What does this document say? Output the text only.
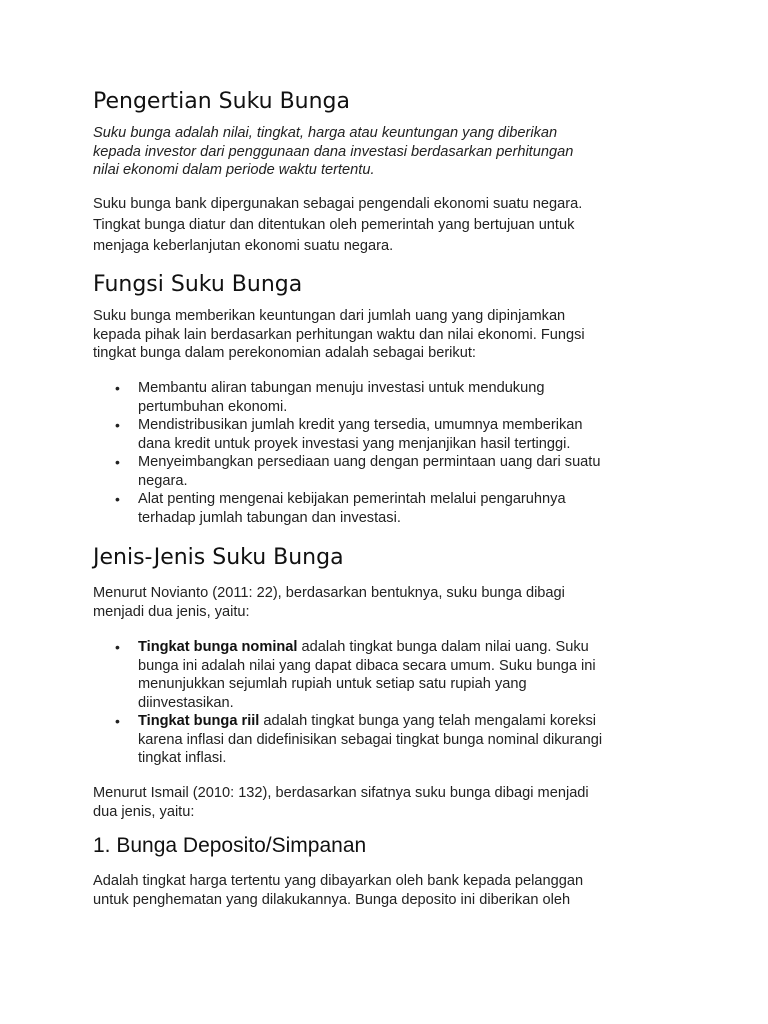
Pengertian Suku Bunga

Suku bunga adalah nilai, tingkat, harga atau keuntungan yang diberikan
kepada investor dari penggunaan dana investasi berdasarkan perhitungan
nilai ekonomi dalam periode waktu tertentu.

Suku bunga bank dipergunakan sebagai pengendali ekonomi suatu negara.
Tingkat bunga diatur dan ditentukan oleh pemerintah yang bertujuan untuk
menjaga keberlanjutan ekonomi suatu negara.

Fungsi Suku Bunga

Suku bunga memberikan keuntungan dari jumlah uang yang dipinjamkan
kepada pihak lain berdasarkan perhitungan waktu dan nilai ekonomi. Fungsi
tingkat bunga dalam perekonomian adalah sebagai berikut:

• Membantu aliran tabungan menuju investasi untuk mendukung
pertumbuhan ekonomi.
• Mendistribusikan jumlah kredit yang tersedia, umumnya memberikan
dana kredit untuk proyek investasi yang menjanjikan hasil tertinggi.
• Menyeimbangkan persediaan uang dengan permintaan uang dari suatu
negara.
• Alat penting mengenai kebijakan pemerintah melalui pengaruhnya
terhadap jumlah tabungan dan investasi.
Jenis-Jenis Suku Bunga

Menurut Novianto (2011: 22), berdasarkan bentuknya, suku bunga dibagi
menjadi dua jenis, yaitu:

• Tingkat bunga nominal adalah tingkat bunga dalam nilai uang. Suku
bunga ini adalah nilai yang dapat dibaca secara umum. Suku bunga ini
menunjukkan sejumlah rupiah untuk setiap satu rupiah yang
diinvestasikan.
• Tingkat bunga riil adalah tingkat bunga yang telah mengalami koreksi
karena inflasi dan didefinisikan sebagai tingkat bunga nominal dikurangi
tingkat inflasi.

Menurut Ismail (2010: 132), berdasarkan sifatnya suku bunga dibagi menjadi
dua jenis, yaitu:

1. Bunga Deposito/Simpanan

Adalah tingkat harga tertentu yang dibayarkan oleh bank kepada pelanggan
untuk penghematan yang dilakukannya. Bunga deposito ini diberikan oleh
